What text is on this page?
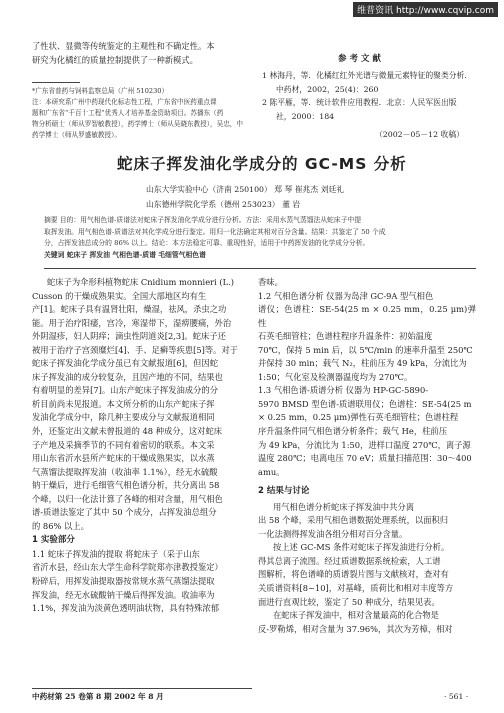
维普资讯 http://www.cqvip.com

了性状、显微等传统鉴定的主观性和不确定性。本

研究为化橘红的质量控制提供了一种新模式。

*广东省普药与饲料监察总局（广州 510230）

注：本研究系广州中药现代化标志性工程，广东省中医药重点课

题和广东省“千百十工程”优秀人才培养基金资助项目。苏播东（药

物分析硕士（师从罗智敏教授），药学博士（师从吴晓东教授），吴忠，中

药学博士（师从罗盛敏教授）。

参 考 文 献

1 林海丹，等．化橘红红外光谱与微量元素特征的聚类分析．

中药材，2002，25(4)：260

2 陈平雁，等．统计软件应用教程．北京：人民军医出版

社，2000：184

（2002－05－12 收稿）
蛇床子挥发油化学成分的 GC-MS 分析
山东大学实验中心（济南 250100） 郑 琴 崔兆杰 刘廷礼
山东德州学院化学系（德州 253023） 董 岩

摘要 目的：用气相色谱-质谱法对蛇床子挥发油化学成分进行分析。方法：采用水蒸气蒸馏法从蛇床子中提

取挥发油。用气相色谱-质谱法对其化学成分进行鉴定。用归一化法确定其相对百分含量。结果：共鉴定了 50 个成

分，占挥发油总成分的 86% 以上。结论：本方法稳定可靠、重现性好，适用于中药挥发油的化学成分分析。

关键词 蛇床子 挥发油 气相色谱-质谱 毛细管气相色谱

蛇床子为伞形科植物蛇床 Cnidium monnieri (L.)

Cusson 的干燥成熟果实。全国大部地区均有生

产[1]。蛇床子具有温肾壮阳，燥湿，祛风，杀虫之功

能。用于治疗阳痿，宫冷，寒湿带下，湿痹腰痛，外治

外阴湿疹，妇人阴痒；滴虫性阴道炎[2,3]。蛇床子还

被用于治疗子宫颈糜烂[4]、手、足癣等疾患[5]等。对于

蛇床子挥发油化学成分虽已有文献报道[6]，但因蛇

床子挥发油的成分较复杂，且因产地的不同，结果也

有着明显的差异[7]。山东产蛇床子挥发油成分的分

析目前尚未见报道。本文所分析的山东产蛇床子挥

发油化学成分中，除几种主要成分与文献报道相同

外，还鉴定出文献未曾报道的 48 种成分，这对蛇床

子产地及采摘季节的不同有着密切的联系。本文采

用山东省沂水县所产蛇床的干燥成熟果实，以水蒸

气蒸馏法提取挥发油（收油率 1.1%），经无水硫酸

钠干燥后，进行毛细管气相色谱分析，共分离出 58

个峰，以归一化法计算了各峰的相对含量，用气相色

谱-质谱法鉴定了其中 50 个成分，占挥发油总组分

的 86% 以上。

1 实验部分

1.1 蛇床子挥发油的提取 将蛇床子（采于山东

省沂水县，经山东大学生命科学院郑亦津教授鉴定）

粉碎后，用挥发油提取器按常规水蒸气蒸馏法提取

挥发油，经无水硫酸钠干燥后得挥发油。收油率为

1.1%，挥发油为淡黄色透明油状物，具有特殊浓郁

中药材第 25 卷第 8 期 2002 年 8 月

香味。

1.2 气相色谱分析 仪器为岛津 GC-9A 型气相色

谱仪；色谱柱：SE-54(25 m × 0.25 mm，0.25 μm)弹性

石英毛细管柱；色谱柱程序升温条件：初始温度

70℃，保持 5 min 后，以 5℃/min 的速率升温至 250℃

并保持 30 min；载气 N₂，柱前压为 49 kPa，分流比为

1:50；气化室及检测器温度均为 270℃。

1.3 气相色谱-质谱分析 仪器为 HP-GC-5890-

5970 BMSD 型色谱-质谱联用仪；色谱柱：SE-54(25 m

× 0.25 mm，0.25 μm)弹性石英毛细管柱；色谱柱程

序升温条件同气相色谱分析条件；载气 He，柱前压

为 49 kPa，分流比为 1:50，进样口温度 270℃，离子源

温度 280℃；电离电压 70 eV；质量扫描范围：30～400

amu。

2 结果与讨论

用气相色谱分析蛇床子挥发油中共分离

出 58 个峰，采用气相色谱数据处理系统，以面积归

一化法测得挥发油各组分相对百分含量。

按上述 GC-MS 条件对蛇床子挥发油进行分析。

得其总离子流图。经过质谱数据系统检索，人工谱

图解析，将色谱峰的质谱裂片图与文献核对，查对有

关质谱资料[8~10]，对基峰，质荷比和相对丰度等方

面进行直观比较，鉴定了 50 种成分，结果见表。

在蛇床子挥发油中，相对含量最高的化合物是

反-罗勒烯，相对含量为 37.96%，其次为芳樟，相对

· 561 ·
